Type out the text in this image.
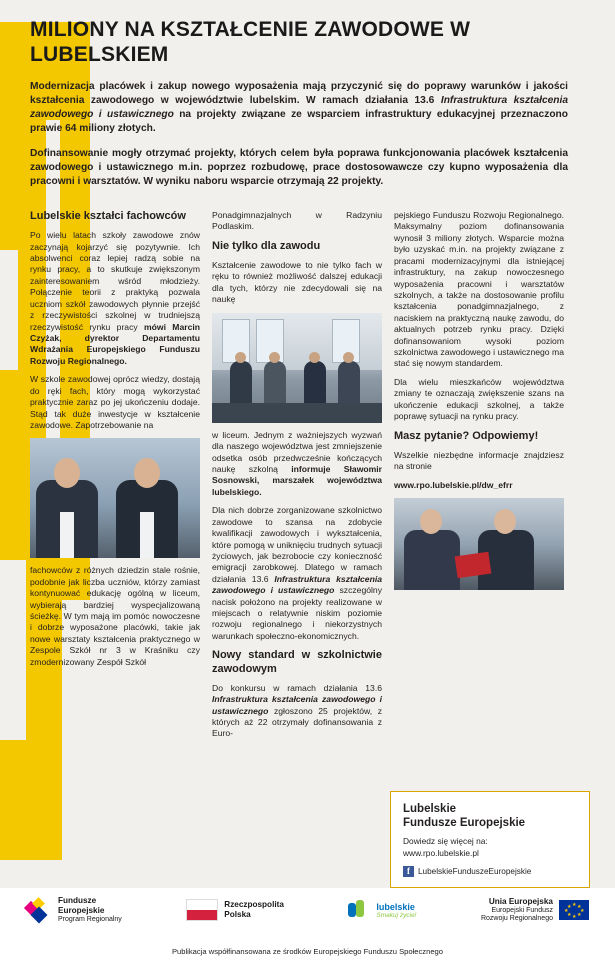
MILIONY NA KSZTAŁCENIE ZAWODOWE W LUBELSKIEM

Modernizacja placówek i zakup nowego wyposażenia mają przyczynić się do poprawy warunków i jakości kształcenia zawodowego w województwie lubelskim. W ramach działania 13.6 Infrastruktura kształcenia zawodowego i ustawicznego na projekty związane ze wsparciem infrastruktury edukacyjnej przeznaczono prawie 64 miliony złotych.

Dofinansowanie mogły otrzymać projekty, których celem była poprawa funkcjonowania placówek kształcenia zawodowego i ustawicznego m.in. poprzez rozbudowę, prace dostosowawcze czy kupno wyposażenia dla pracowni i warsztatów. W wyniku naboru wsparcie otrzymają 22 projekty.

Lubelskie kształci fachowców

Po wielu latach szkoły zawodowe znów zaczynają kojarzyć się pozytywnie. Ich absolwenci coraz lepiej radzą sobie na rynku pracy, a to skutkuje zwiększonym zainteresowaniem wśród młodzieży. Połączenie teorii z praktyką pozwala uczniom szkół zawodowych płynnie przejść z rzeczywistości szkolnej w trudniejszą rzeczywistość rynku pracy mówi Marcin Czyżak, dyrektor Departamentu Wdrażania Europejskiego Funduszu Rozwoju Regionalnego.

W szkole zawodowej oprócz wiedzy, dostają do ręki fach, który mogą wykorzystać praktycznie zaraz po jej ukończeniu dodaje. Stąd tak duże inwestycje w kształcenie zawodowe. Zapotrzebowanie na

fachowców z różnych dziedzin stale rośnie, podobnie jak liczba uczniów, którzy zamiast kontynuować edukację ogólną w liceum, wybierają bardziej wyspecjalizowaną ścieżkę. W tym mają im pomóc nowoczesne i dobrze wyposażone placówki, takie jak nowe warsztaty kształcenia praktycznego w Zespole Szkół nr 3 w Kraśniku czy zmodernizowany Zespół Szkół

Ponadgimnazjalnych w Radzyniu Podlaskim.

Nie tylko dla zawodu

Kształcenie zawodowe to nie tylko fach w ręku to również możliwość dalszej edukacji dla tych, którzy nie zdecydowali się na naukę

w liceum. Jednym z ważniejszych wyzwań dla naszego województwa jest zmniejszenie odsetka osób przedwcześnie kończących naukę szkolną informuje Sławomir Sosnowski, marszałek województwa lubelskiego.

Dla nich dobrze zorganizowane szkolnictwo zawodowe to szansa na zdobycie kwalifikacji zawodowych i wykształcenia, które pomogą w uniknięciu trudnych sytuacji życiowych, jak bezrobocie czy konieczność emigracji zarobkowej. Dlatego w ramach działania 13.6 Infrastruktura kształcenia zawodowego i ustawicznego szczególny nacisk położono na projekty realizowane w miejscach o relatywnie niskim poziomie rozwoju regionalnego i niekorzystnych warunkach społeczno-ekonomicznych.

Nowy standard w szkolnictwie zawodowym

Do konkursu w ramach działania 13.6 Infrastruktura kształcenia zawodowego i ustawicznego zgłoszono 25 projektów, z których aż 22 otrzymały dofinansowania z Euro-

pejskiego Funduszu Rozwoju Regionalnego. Maksymalny poziom dofinansowania wynosił 3 miliony złotych. Wsparcie można było uzyskać m.in. na projekty związane z pracami modernizacyjnymi dla istniejącej infrastruktury, na zakup nowoczesnego wyposażenia pracowni i warsztatów szkolnych, a także na dostosowanie profilu kształcenia ponadgimnazjalnego, z naciskiem na praktyczną naukę zawodu, do aktualnych potrzeb rynku pracy. Dzięki dofinansowaniom wysoki poziom szkolnictwa zawodowego i ustawicznego ma stać się nowym standardem.

Dla wielu mieszkańców województwa zmiany te oznaczają zwiększenie szans na ukończenie edukacji szkolnej, a także poprawę sytuacji na rynku pracy.

Masz pytanie? Odpowiemy!

Wszelkie niezbędne informacje znajdziesz na stronie

www.rpo.lubelskie.pl/dw_efrr

Lubelskie
Fundusze Europejskie
Dowiedz się więcej na:
www.rpo.lubelskie.pl
f LubelskieFunduszeEuropejskie
Fundusze
Europejskie
Program Regionalny
Rzeczpospolita
Polska
lubelskie
Smakuj życie!
Unia Europejska
Europejski Fundusz
Rozwoju Regionalnego
★ ★
★
★
★
★
★
★
Publikacja współfinansowana ze środków Europejskiego Funduszu Społecznego
